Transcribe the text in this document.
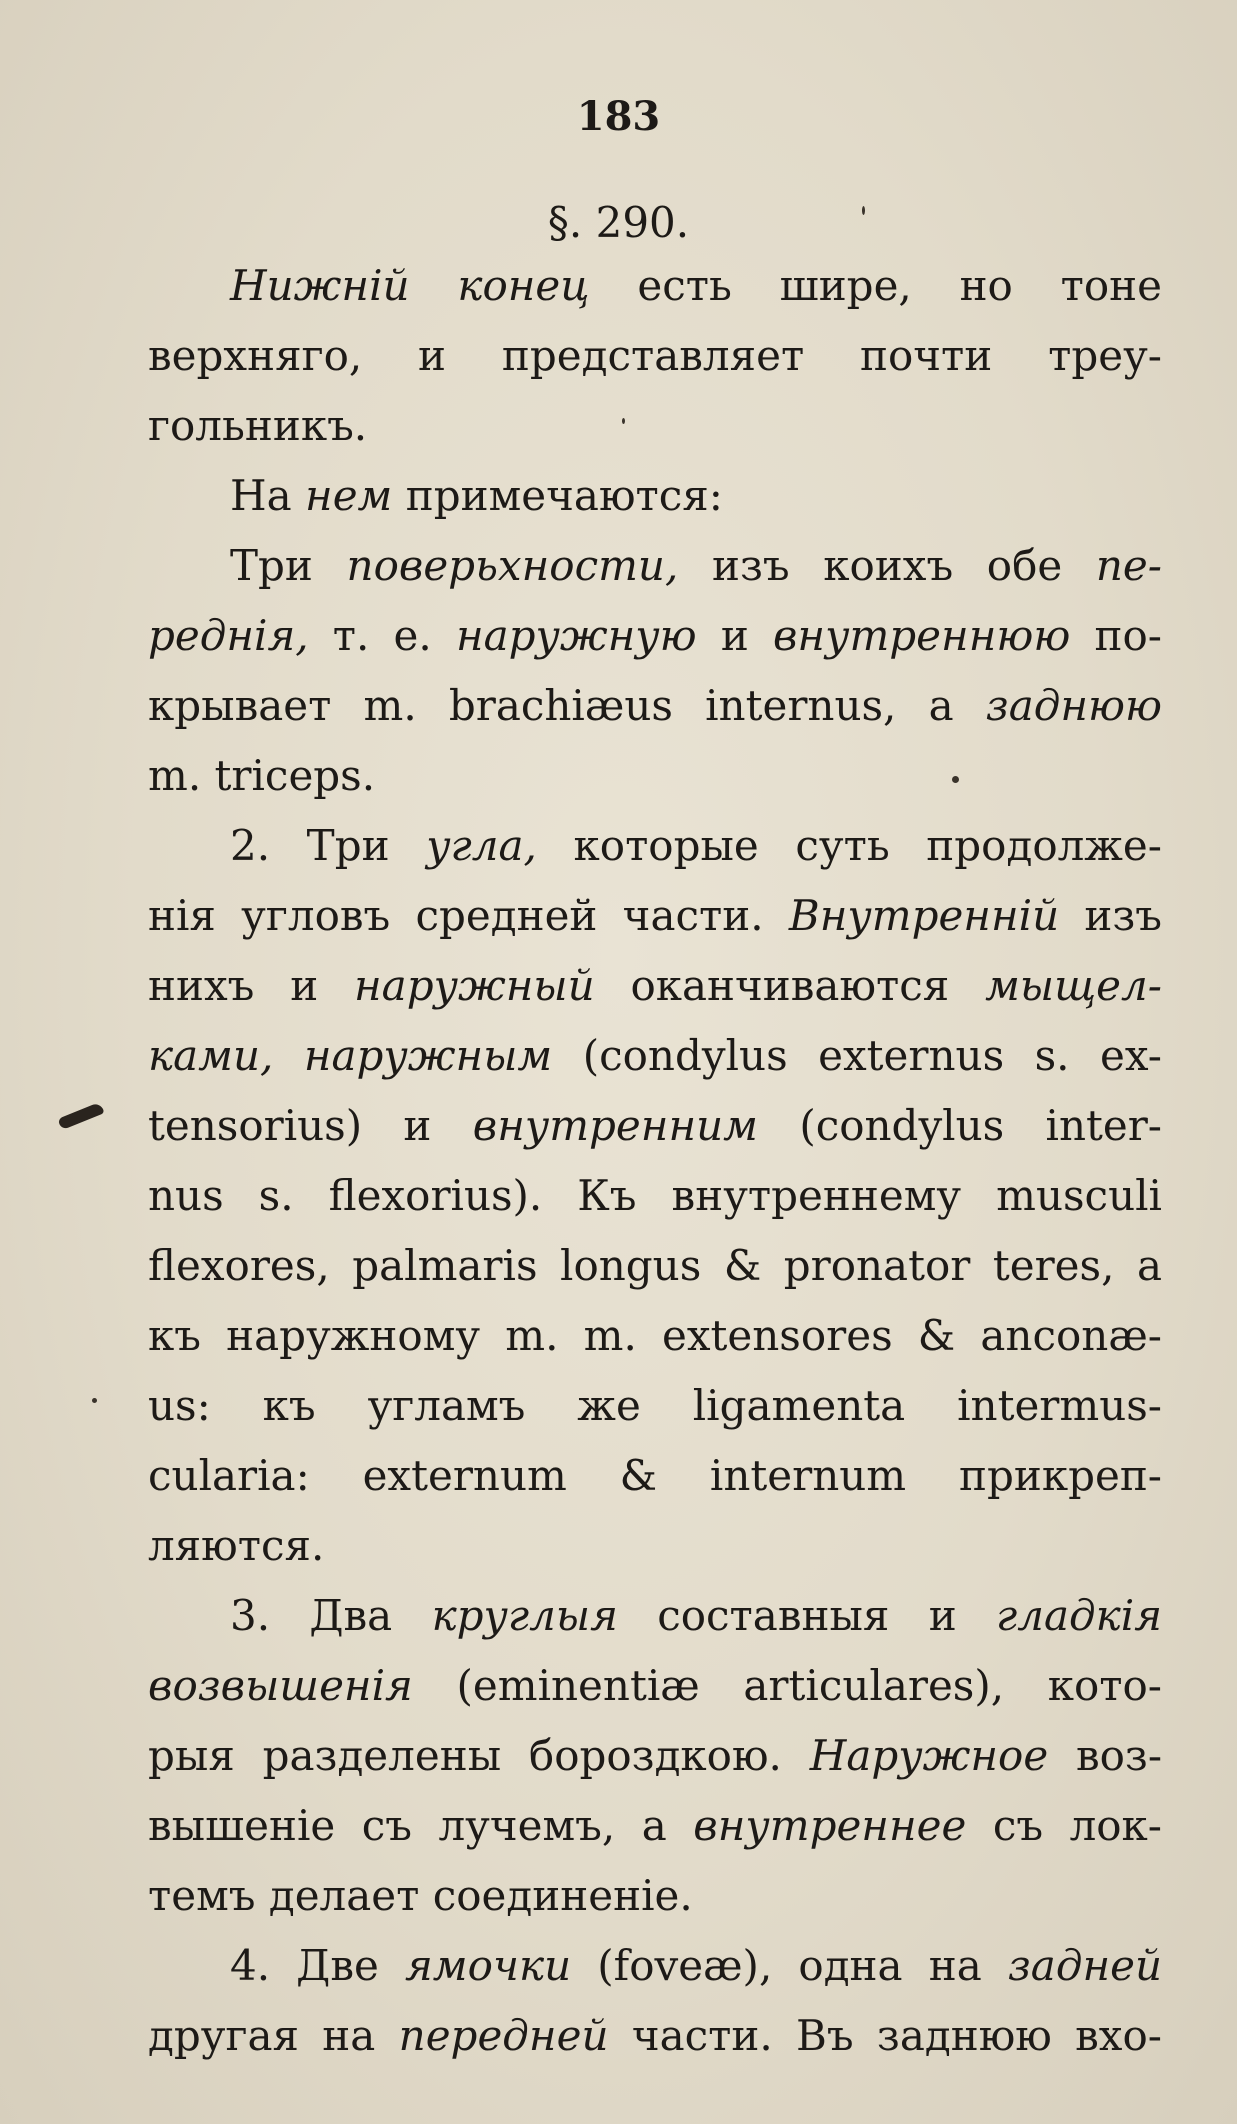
183
§. 290.
Нижній конец есть шире, но тоне
верхняго, и представляет почти треу-
гольникъ.
На нем примечаются:
Три поверьхности, изъ коихъ обе пе-
реднія, т. е. наружную и внутреннюю по-
крывает m. brachiæus internus, а заднюю
m. triceps.
2. Три угла, которые суть продолже-
нія угловъ средней части. Внутренній изъ
нихъ и наружный оканчиваются мыщел-
ками, наружным (condylus externus s. ex-
tensorius) и внутренним (condylus inter-
nus s. flexorius). Къ внутреннему musculi
flexores, palmaris longus & pronator teres, а
къ наружному m. m. extensores & anconæ-
us: къ угламъ же ligamenta intermus-
cularia: externum & internum прикреп-
ляются.
3. Два круглыя составныя и гладкія
возвышенія (eminentiæ articulares), кото-
рыя разделены бороздкою. Наружное воз-
вышеніе съ лучемъ, а внутреннее съ лок-
темъ делает соединеніе.
4. Две ямочки (foveæ), одна на задней
другая на передней части. Въ заднюю вхо-
